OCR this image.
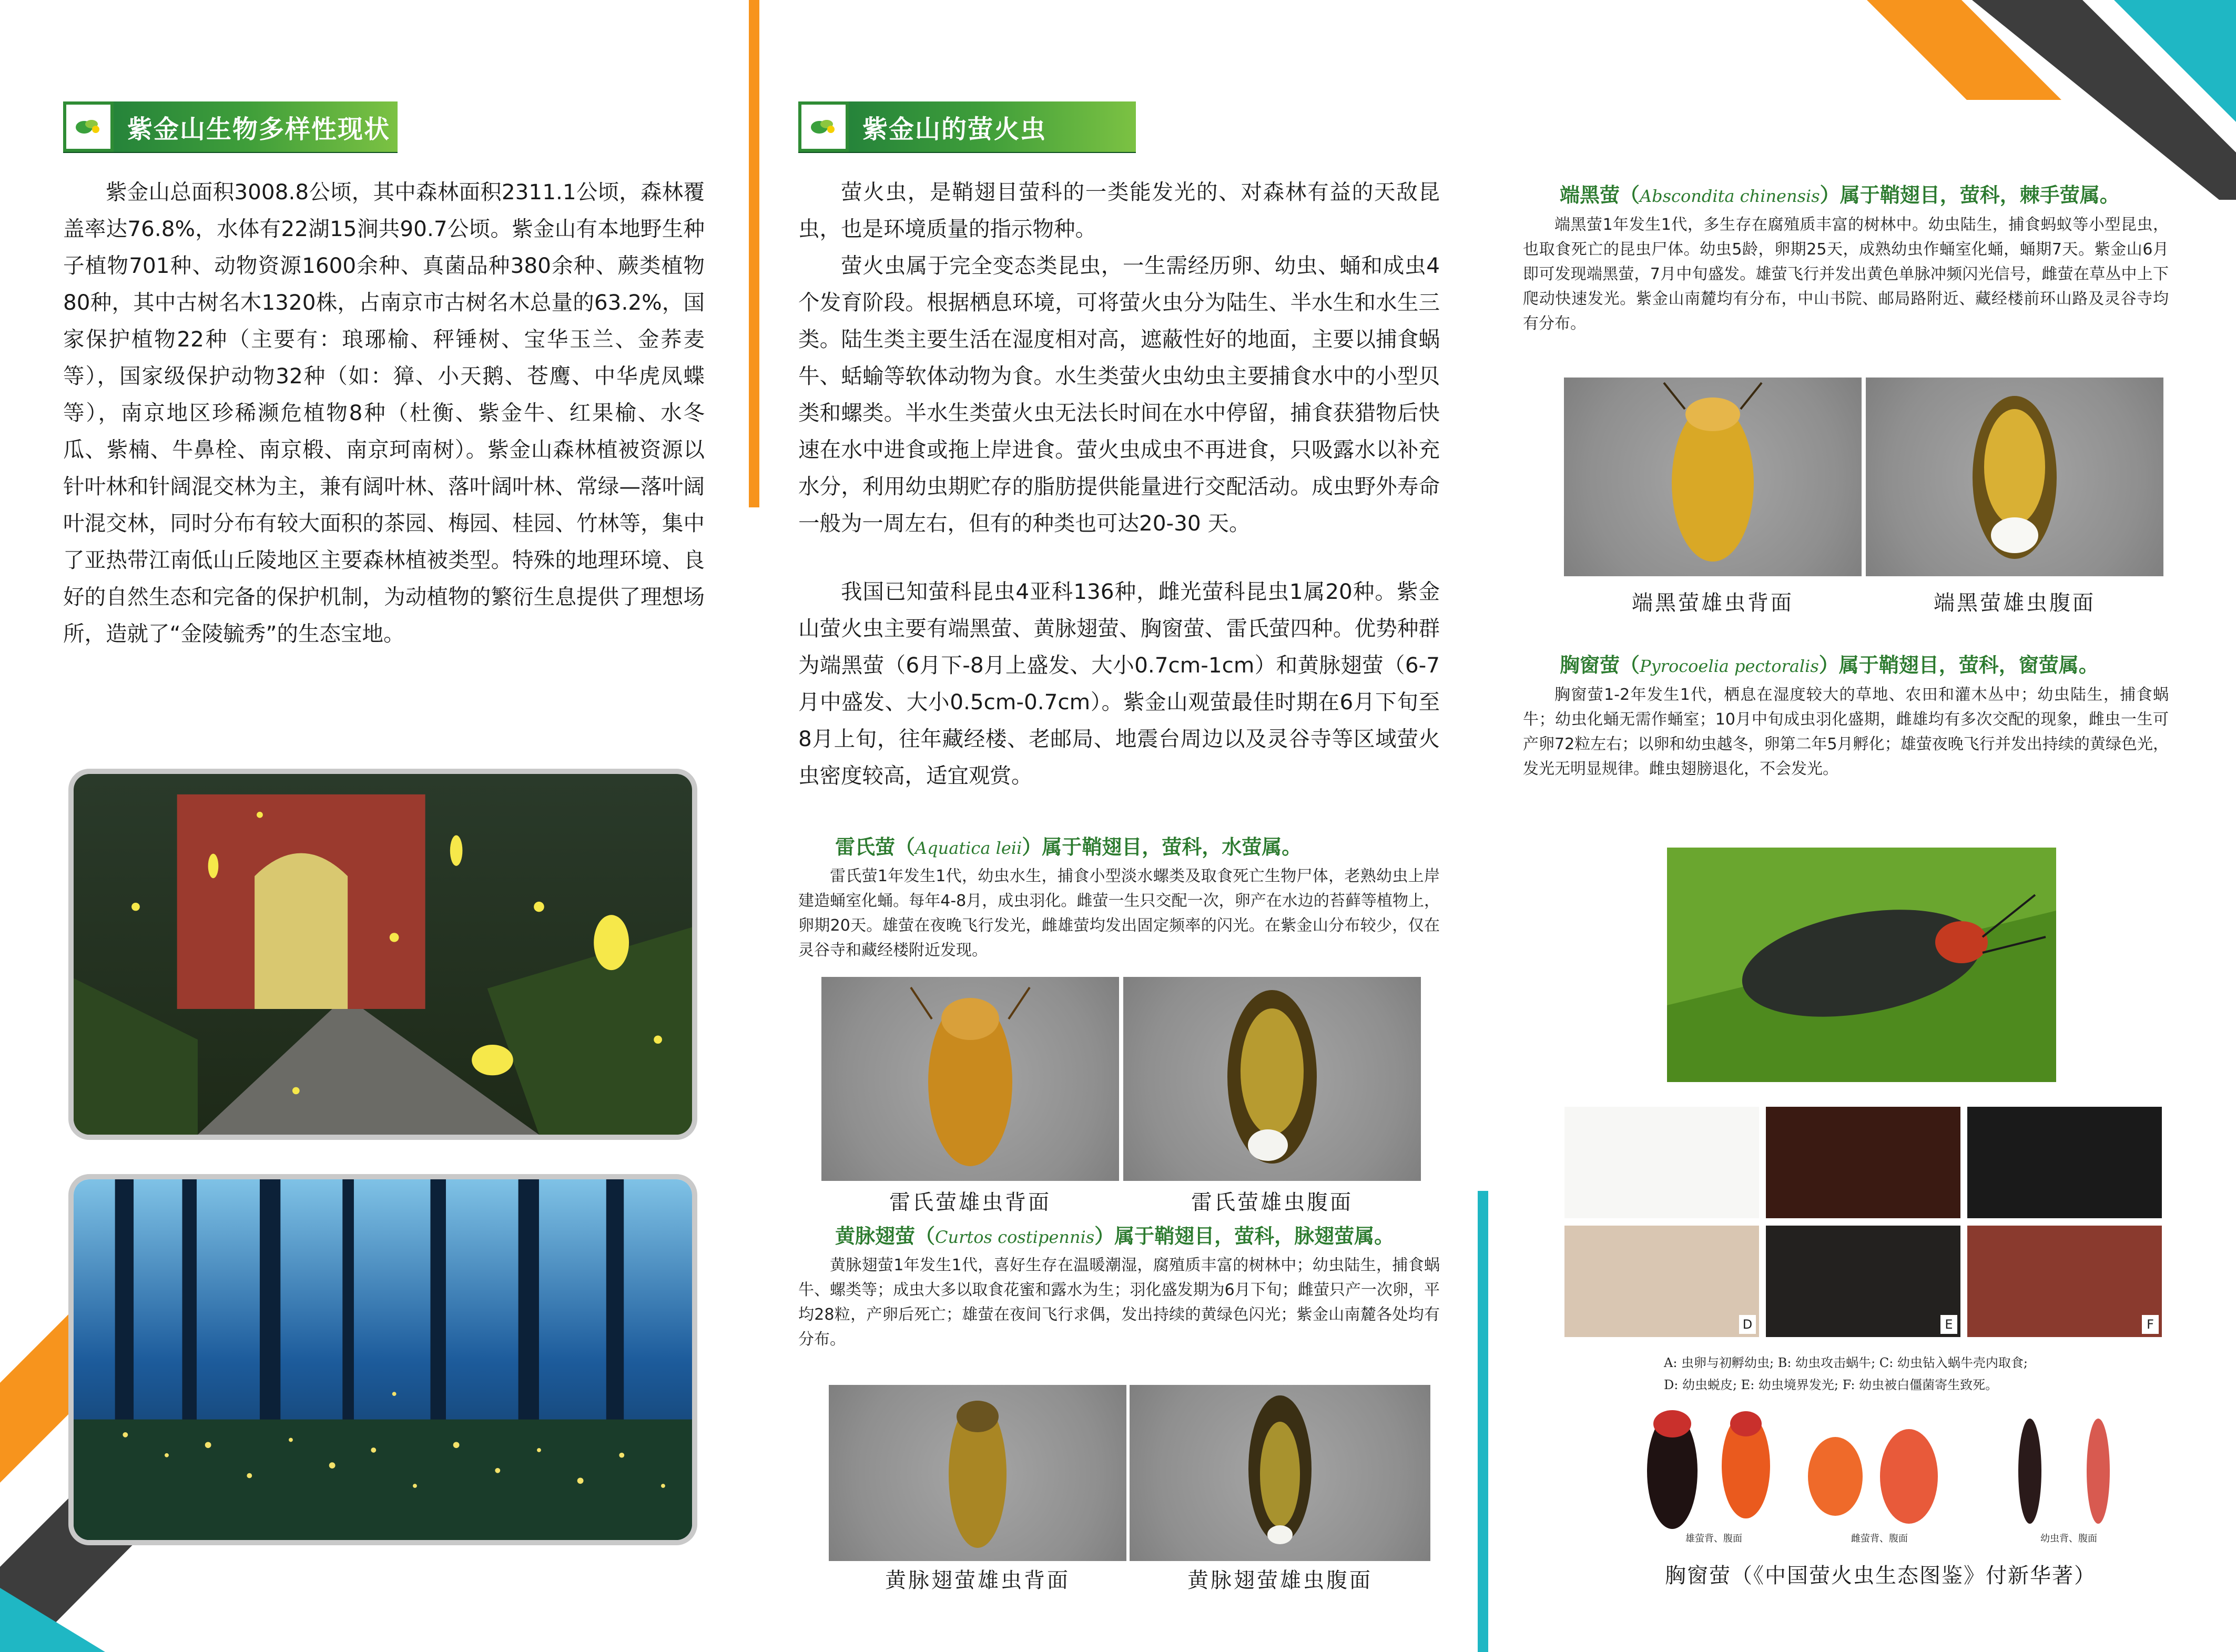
紫金山生物多样性现状

紫金山总面积3008.8公顷，其中森林面积2311.1公顷，森林覆盖率达76.8%，水体有22湖15涧共90.7公顷。紫金山有本地野生种子植物701种、动物资源1600余种、真菌品种380余种、蕨类植物80种，其中古树名木1320株，占南京市古树名木总量的63.2%，国家保护植物22种（主要有：琅琊榆、秤锤树、宝华玉兰、金荞麦等），国家级保护动物32种（如：獐、小天鹅、苍鹰、中华虎凤蝶等），南京地区珍稀濒危植物8种（杜衡、紫金牛、红果榆、水冬瓜、紫楠、牛鼻栓、南京椴、南京珂南树）。紫金山森林植被资源以针叶林和针阔混交林为主，兼有阔叶林、落叶阔叶林、常绿—落叶阔叶混交林，同时分布有较大面积的茶园、梅园、桂园、竹林等，集中了亚热带江南低山丘陵地区主要森林植被类型。特殊的地理环境、良好的自然生态和完备的保护机制，为动植物的繁衍生息提供了理想场所，造就了“金陵毓秀”的生态宝地。

紫金山的萤火虫

萤火虫，是鞘翅目萤科的一类能发光的、对森林有益的天敌昆虫，也是环境质量的指示物种。

萤火虫属于完全变态类昆虫，一生需经历卵、幼虫、蛹和成虫4个发育阶段。根据栖息环境，可将萤火虫分为陆生、半水生和水生三类。陆生类主要生活在湿度相对高，遮蔽性好的地面，主要以捕食蜗牛、蛞蝓等软体动物为食。水生类萤火虫幼虫主要捕食水中的小型贝类和螺类。半水生类萤火虫无法长时间在水中停留，捕食获猎物后快速在水中进食或拖上岸进食。萤火虫成虫不再进食，只吸露水以补充水分，利用幼虫期贮存的脂肪提供能量进行交配活动。成虫野外寿命一般为一周左右，但有的种类也可达20-30 天。

我国已知萤科昆虫4亚科136种，雌光萤科昆虫1属20种。紫金山萤火虫主要有端黑萤、黄脉翅萤、胸窗萤、雷氏萤四种。优势种群为端黑萤（6月下-8月上盛发、大小0.7cm-1cm）和黄脉翅萤（6-7月中盛发、大小0.5cm-0.7cm）。紫金山观萤最佳时期在6月下旬至8月上旬，往年藏经楼、老邮局、地震台周边以及灵谷寺等区域萤火虫密度较高，适宜观赏。

雷氏萤（Aquatica leii）属于鞘翅目，萤科，水萤属。

雷氏萤1年发生1代，幼虫水生，捕食小型淡水螺类及取食死亡生物尸体，老熟幼虫上岸建造蛹室化蛹。每年4-8月，成虫羽化。雌萤一生只交配一次，卵产在水边的苔藓等植物上，卵期20天。雄萤在夜晚飞行发光，雌雄萤均发出固定频率的闪光。在紫金山分布较少，仅在灵谷寺和藏经楼附近发现。

雷氏萤雄虫背面	雷氏萤雄虫腹面
黄脉翅萤（Curtos costipennis）属于鞘翅目，萤科，脉翅萤属。

黄脉翅萤1年发生1代，喜好生存在温暖潮湿，腐殖质丰富的树林中；幼虫陆生，捕食蜗牛、螺类等；成虫大多以取食花蜜和露水为生；羽化盛发期为6月下旬；雌萤只产一次卵，平均28粒，产卵后死亡；雄萤在夜间飞行求偶，发出持续的黄绿色闪光；紫金山南麓各处均有分布。

黄脉翅萤雄虫背面	黄脉翅萤雄虫腹面
端黑萤（Abscondita chinensis）属于鞘翅目，萤科，棘手萤属。

端黑萤1年发生1代，多生存在腐殖质丰富的树林中。幼虫陆生，捕食蚂蚁等小型昆虫，也取食死亡的昆虫尸体。幼虫5龄，卵期25天，成熟幼虫作蛹室化蛹，蛹期7天。紫金山6月即可发现端黑萤，7月中旬盛发。雄萤飞行并发出黄色单脉冲频闪光信号，雌萤在草丛中上下爬动快速发光。紫金山南麓均有分布，中山书院、邮局路附近、藏经楼前环山路及灵谷寺均有分布。

端黑萤雄虫背面	端黑萤雄虫腹面
胸窗萤（Pyrocoelia pectoralis）属于鞘翅目，萤科，窗萤属。

胸窗萤1-2年发生1代，栖息在湿度较大的草地、农田和灌木丛中；幼虫陆生，捕食蜗牛；幼虫化蛹无需作蛹室；10月中旬成虫羽化盛期，雌雄均有多次交配的现象，雌虫一生可产卵72粒左右；以卵和幼虫越冬，卵第二年5月孵化；雄萤夜晚飞行并发出持续的黄绿色光，发光无明显规律。雌虫翅膀退化，不会发光。

D	E	F
A: 虫卵与初孵幼虫; B: 幼虫攻击蜗牛; C: 幼虫钻入蜗牛壳内取食;
D: 幼虫蜕皮; E: 幼虫境界发光; F: 幼虫被白僵菌寄生致死。
雄萤背、腹面	雌萤背、腹面	幼虫背、腹面
胸窗萤（《中国萤火虫生态图鉴》付新华著）
